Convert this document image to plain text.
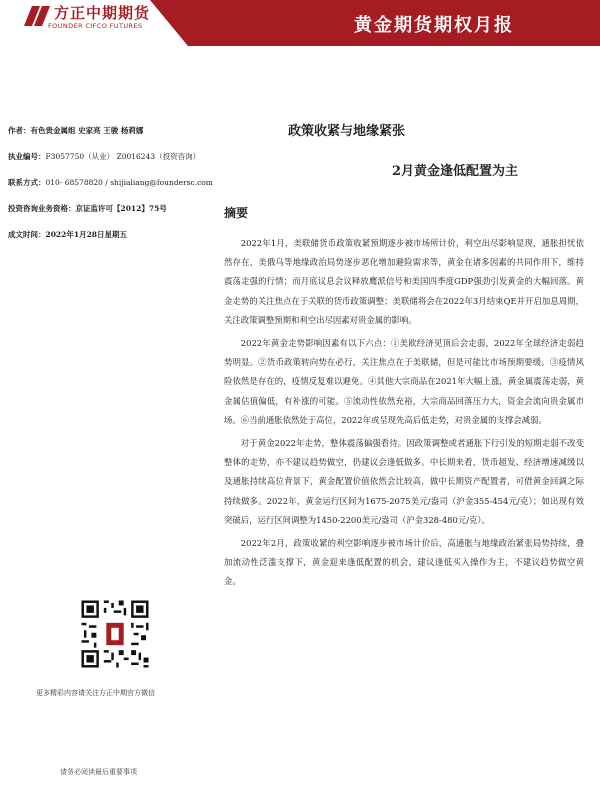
方正中期期货
FOUNDER CIFCO FUTURES	黄金期货期权月报
政策收紧与地缘紧张
2月黄金逢低配置为主
作者：有色贵金属组 史家亮 王骏 杨莉娜
执业编号：F3057750（从业） Z0016243（投资咨询）
联系方式：010- 68578820 / shijialiang@foundersc.com
投资咨询业务资格：京证监许可【2012】75号
成文时间：2022年1月28日星期五
摘要

2022年1月，美联储货币政策收紧预期逐步被市场所计价，利空出尽影响显现，通胀担忧依然存在，美俄乌等地缘政治局势逐步恶化增加避险需求等，黄金在诸多因素的共同作用下，维持震荡走强的行情；而月底议息会议释放鹰派信号和美国四季度GDP强劲引发黄金的大幅回落。黄金走势的关注焦点在于关联的货币政策调整；美联储将会在2022年3月结束QE并开启加息周期，关注政策调整预期和利空出尽因素对贵金属的影响。

2022年黄金走势影响因素有以下六点：①美欧经济见顶后会走弱，2022年全球经济走弱趋势明显。②货币政策转向势在必行，关注焦点在于美联储，但是可能比市场预期要缓。③疫情风险依然是存在的，疫情反复难以避免。④其他大宗商品在2021年大幅上涨，黄金属震荡走弱，黄金属估值偏低，有补涨的可能。⑤流动性依然充裕，大宗商品回落压力大，资金会流向贵金属市场。⑥当前通胀依然处于高位，2022年或呈现先高后低走势，对贵金属的支撑会减弱。

对于黄金2022年走势，整体震荡偏强看待。因政策调整或者通胀下行引发的短期走弱不改变整体的走势，亦不建议趋势做空，仍建议会逢低做多。中长期来看，货币超发、经济增速减缓以及通胀持续高位背景下，黄金配置价值依然会比较高，做中长期资产配置者，可借黄金回调之际持续做多。2022年，黄金运行区间为1675-2075美元/盎司（沪金355-454元/克）；如出现有效突破后，运行区间调整为1450-2200美元/盎司（沪金328-480元/克）。

2022年2月，政策收紧的利空影响逐步被市场计价后，高通胀与地缘政治紧张局势持续，叠加流动性泛滥支撑下，黄金迎来逢低配置的机会，建议逢低买入操作为主，不建议趋势做空黄金。

更多精彩内容请关注方正中期官方微信
请务必阅读最后重要事项
